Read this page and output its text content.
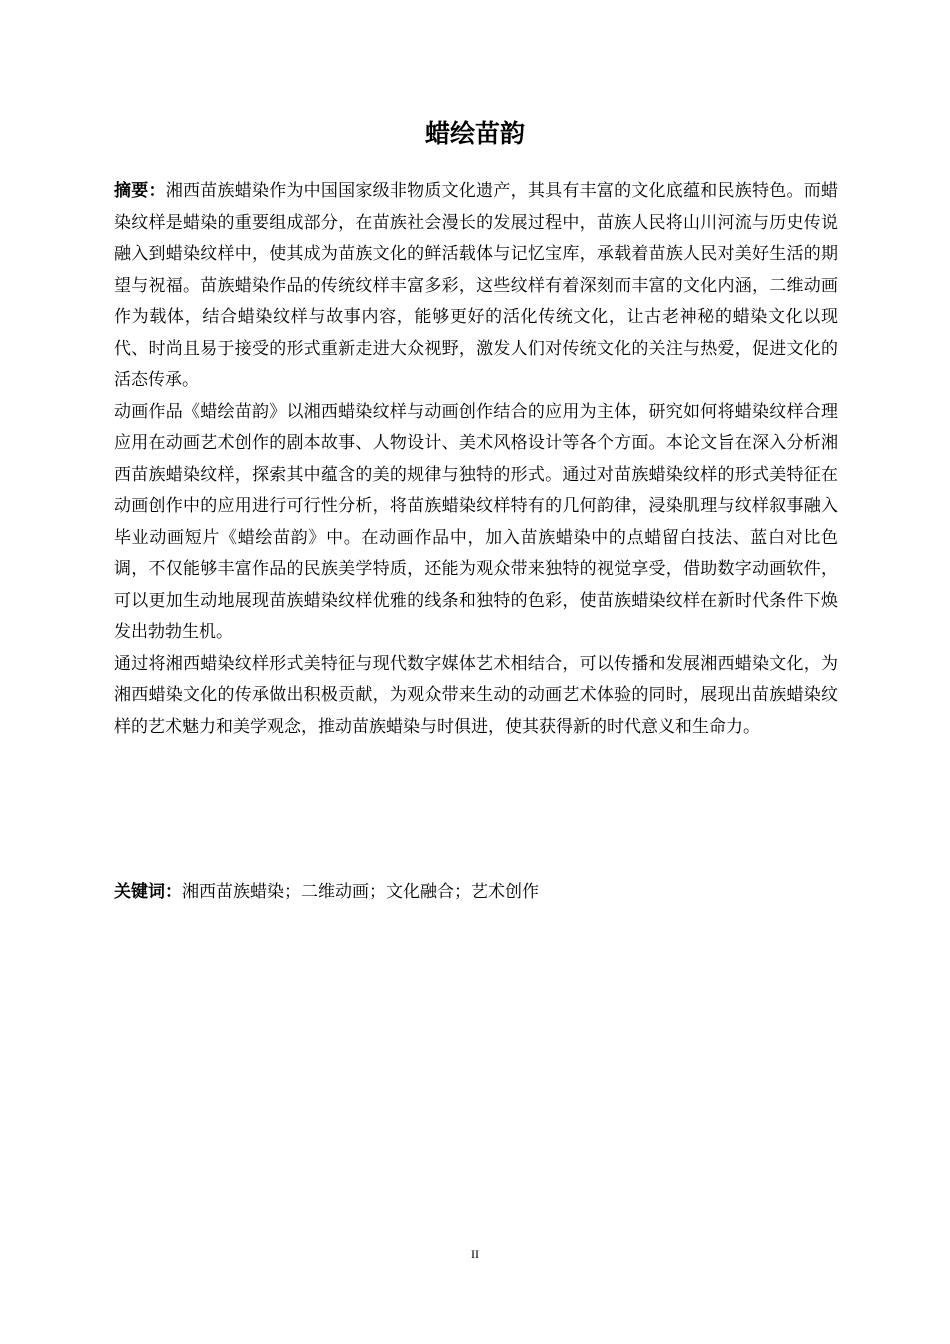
蜡绘苗韵

摘要：湘西苗族蜡染作为中国国家级非物质文化遗产，其具有丰富的文化底蕴和民族特色。而蜡染纹样是蜡染的重要组成部分，在苗族社会漫长的发展过程中，苗族人民将山川河流与历史传说融入到蜡染纹样中，使其成为苗族文化的鲜活载体与记忆宝库，承载着苗族人民对美好生活的期望与祝福。苗族蜡染作品的传统纹样丰富多彩，这些纹样有着深刻而丰富的文化内涵，二维动画作为载体，结合蜡染纹样与故事内容，能够更好的活化传统文化，让古老神秘的蜡染文化以现代、时尚且易于接受的形式重新走进大众视野，激发人们对传统文化的关注与热爱，促进文化的活态传承。

动画作品《蜡绘苗韵》以湘西蜡染纹样与动画创作结合的应用为主体，研究如何将蜡染纹样合理应用在动画艺术创作的剧本故事、人物设计、美术风格设计等各个方面。本论文旨在深入分析湘西苗族蜡染纹样，探索其中蕴含的美的规律与独特的形式。通过对苗族蜡染纹样的形式美特征在动画创作中的应用进行可行性分析，将苗族蜡染纹样特有的几何韵律，浸染肌理与纹样叙事融入毕业动画短片《蜡绘苗韵》中。在动画作品中，加入苗族蜡染中的点蜡留白技法、蓝白对比色调，不仅能够丰富作品的民族美学特质，还能为观众带来独特的视觉享受，借助数字动画软件，可以更加生动地展现苗族蜡染纹样优雅的线条和独特的色彩，使苗族蜡染纹样在新时代条件下焕发出勃勃生机。

通过将湘西蜡染纹样形式美特征与现代数字媒体艺术相结合，可以传播和发展湘西蜡染文化，为湘西蜡染文化的传承做出积极贡献，为观众带来生动的动画艺术体验的同时，展现出苗族蜡染纹样的艺术魅力和美学观念，推动苗族蜡染与时俱进，使其获得新的时代意义和生命力。

关键词：湘西苗族蜡染；二维动画；文化融合；艺术创作
II
